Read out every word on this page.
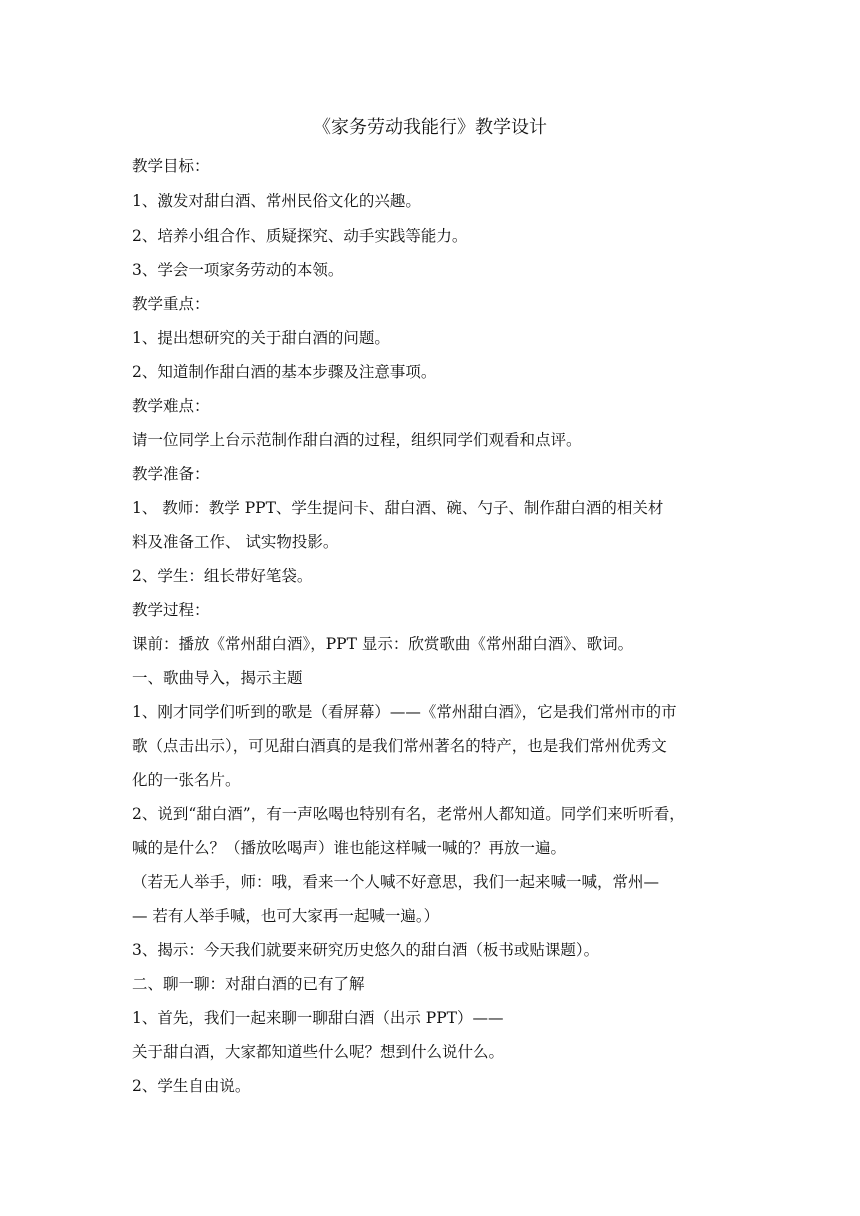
《家务劳动我能行》教学设计
教学目标：
1、激发对甜白酒、常州民俗文化的兴趣。
2、培养小组合作、质疑探究、动手实践等能力。
3、学会一项家务劳动的本领。
教学重点：
1、提出想研究的关于甜白酒的问题。
2、知道制作甜白酒的基本步骤及注意事项。
教学难点：
请一位同学上台示范制作甜白酒的过程，组织同学们观看和点评。
教学准备：
1、 教师：教学 PPT、学生提问卡、甜白酒、碗、勺子、制作甜白酒的相关材
料及准备工作、 试实物投影。
2、学生：组长带好笔袋。
教学过程：
课前：播放《常州甜白酒》，PPT 显示：欣赏歌曲《常州甜白酒》、歌词。
一、歌曲导入，揭示主题
1、刚才同学们听到的歌是（看屏幕）——《常州甜白酒》，它是我们常州市的市
歌（点击出示），可见甜白酒真的是我们常州著名的特产，也是我们常州优秀文
化的一张名片。
2、说到“甜白酒”，有一声吆喝也特别有名，老常州人都知道。同学们来听听看，
喊的是什么？（播放吆喝声）谁也能这样喊一喊的？再放一遍。
（若无人举手，师：哦，看来一个人喊不好意思，我们一起来喊一喊，常州—
— 若有人举手喊，也可大家再一起喊一遍。）
3、揭示：今天我们就要来研究历史悠久的甜白酒（板书或贴课题）。
二、聊一聊：对甜白酒的已有了解
1、首先，我们一起来聊一聊甜白酒（出示 PPT）——
关于甜白酒，大家都知道些什么呢？想到什么说什么。
2、学生自由说。
